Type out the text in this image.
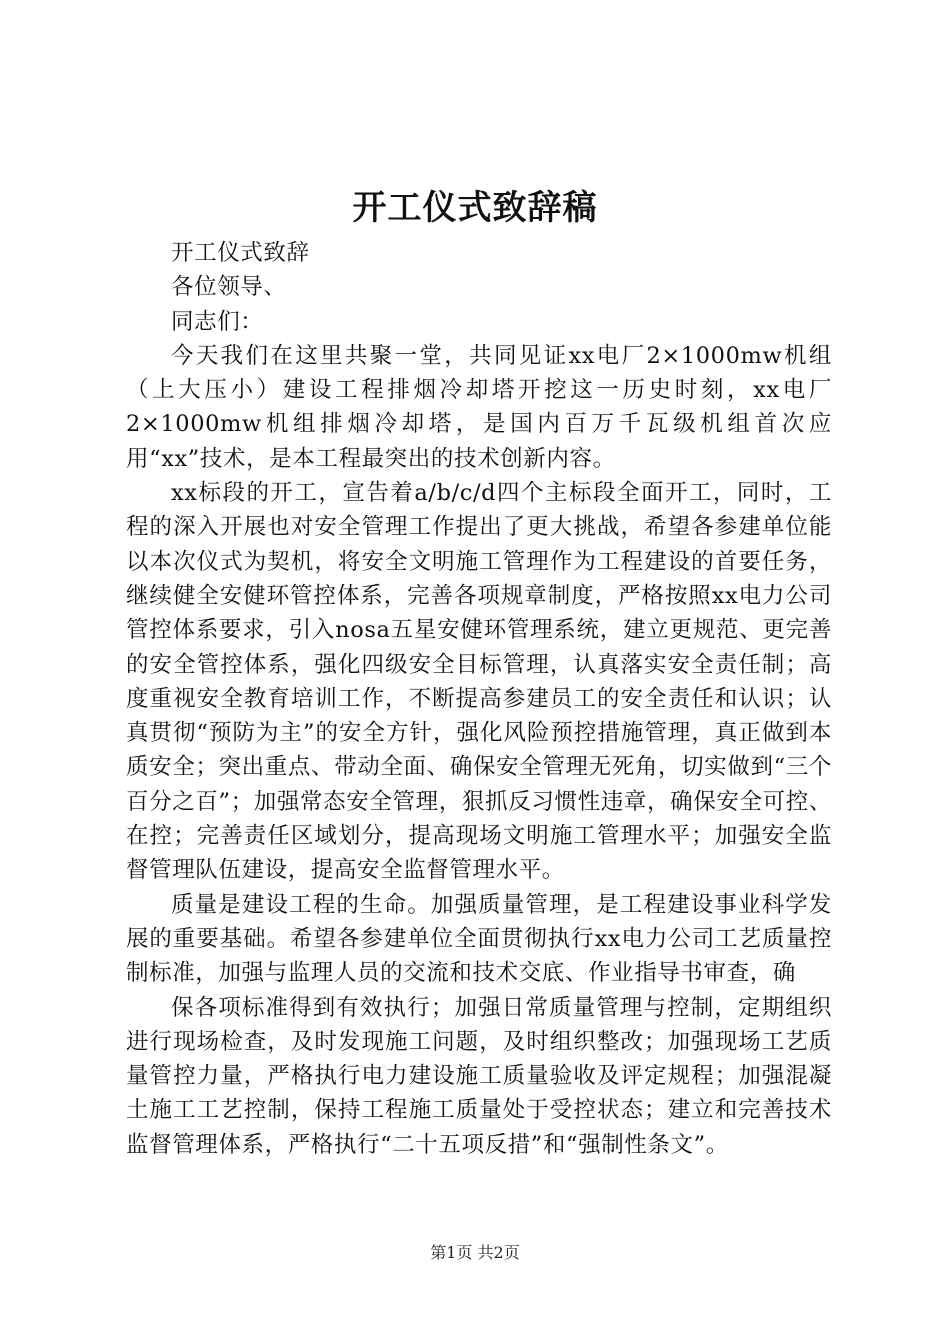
开工仪式致辞稿

开工仪式致辞

各位领导、

同志们：

今天我们在这里共聚一堂，共同见证xx电厂2×1000mw机组（上大压小）建设工程排烟冷却塔开挖这一历史时刻，xx电厂2×1000mw机组排烟冷却塔，是国内百万千瓦级机组首次应用“xx”技术，是本工程最突出的技术创新内容。

xx标段的开工，宣告着a/b/c/d四个主标段全面开工，同时，工程的深入开展也对安全管理工作提出了更大挑战，希望各参建单位能以本次仪式为契机，将安全文明施工管理作为工程建设的首要任务，继续健全安健环管控体系，完善各项规章制度，严格按照xx电力公司管控体系要求，引入nosa五星安健环管理系统，建立更规范、更完善的安全管控体系，强化四级安全目标管理，认真落实安全责任制；高度重视安全教育培训工作，不断提高参建员工的安全责任和认识；认真贯彻“预防为主”的安全方针，强化风险预控措施管理，真正做到本质安全；突出重点、带动全面、确保安全管理无死角，切实做到“三个百分之百”；加强常态安全管理，狠抓反习惯性违章，确保安全可控、在控；完善责任区域划分，提高现场文明施工管理水平；加强安全监督管理队伍建设，提高安全监督管理水平。

质量是建设工程的生命。加强质量管理，是工程建设事业科学发展的重要基础。希望各参建单位全面贯彻执行xx电力公司工艺质量控制标准，加强与监理人员的交流和技术交底、作业指导书审查，确

保各项标准得到有效执行；加强日常质量管理与控制，定期组织进行现场检查，及时发现施工问题，及时组织整改；加强现场工艺质量管控力量，严格执行电力建设施工质量验收及评定规程；加强混凝土施工工艺控制，保持工程施工质量处于受控状态；建立和完善技术监督管理体系，严格执行“二十五项反措”和“强制性条文”。

第1页 共2页
